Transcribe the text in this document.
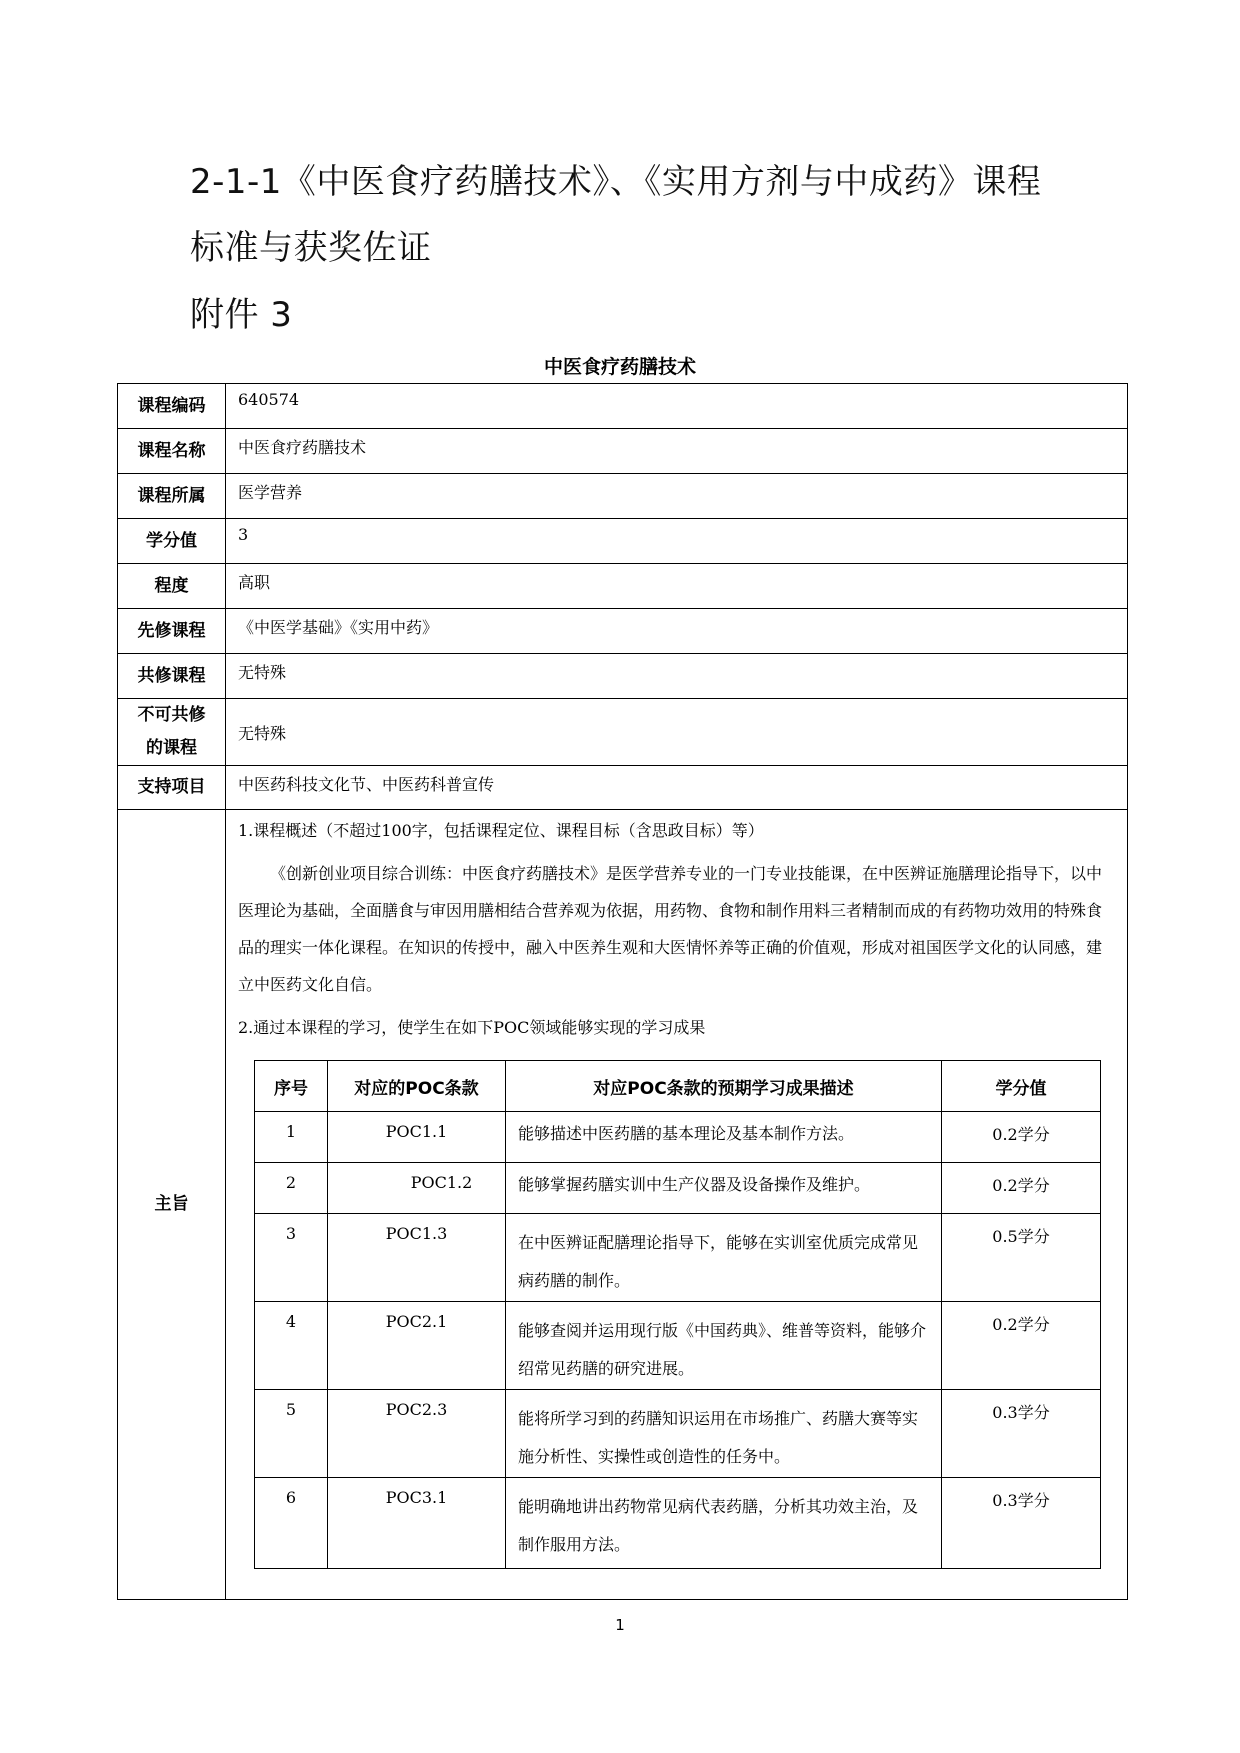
2-1-1《中医食疗药膳技术》、《实用方剂与中成药》课程
标准与获奖佐证
附件 3
中医食疗药膳技术
课程编码	640574
课程名称	中医食疗药膳技术
课程所属	医学营养
学分值	3
程度	高职
先修课程	《中医学基础》《实用中药》
共修课程	无特殊

不可共修
的课程
	无特殊
支持项目	中医药科技文化节、中医药科普宣传
主旨	

1.课程概述（不超过100字，包括课程定位、课程目标（含思政目标）等）

《创新创业项目综合训练：中医食疗药膳技术》是医学营养专业的一门专业技能课，在中医辨证施膳理论指导下，以中医理论为基础，全面膳食与审因用膳相结合营养观为依据，用药物、食物和制作用料三者精制而成的有药物功效用的特殊食品的理实一体化课程。在知识的传授中，融入中医养生观和大医情怀养等正确的价值观，形成对祖国医学文化的认同感，建立中医药文化自信。

2.通过本课程的学习，使学生在如下POC领域能够实现的学习成果

序号	对应的POC条款	对应POC条款的预期学习成果描述	学分值
1	POC1.1	能够描述中医药膳的基本理论及基本制作方法。	0.2学分
2	POC1.2	能够掌握药膳实训中生产仪器及设备操作及维护。	0.2学分
3	POC1.3	在中医辨证配膳理论指导下，能够在实训室优质完成常见病药膳的制作。	0.5学分
4	POC2.1	能够查阅并运用现行版《中国药典》、维普等资料，能够介绍常见药膳的研究进展。	0.2学分
5	POC2.3	能将所学习到的药膳知识运用在市场推广、药膳大赛等实施分析性、实操性或创造性的任务中。	0.3学分
6	POC3.1	能明确地讲出药物常见病代表药膳，分析其功效主治，及制作服用方法。	0.3学分
1
